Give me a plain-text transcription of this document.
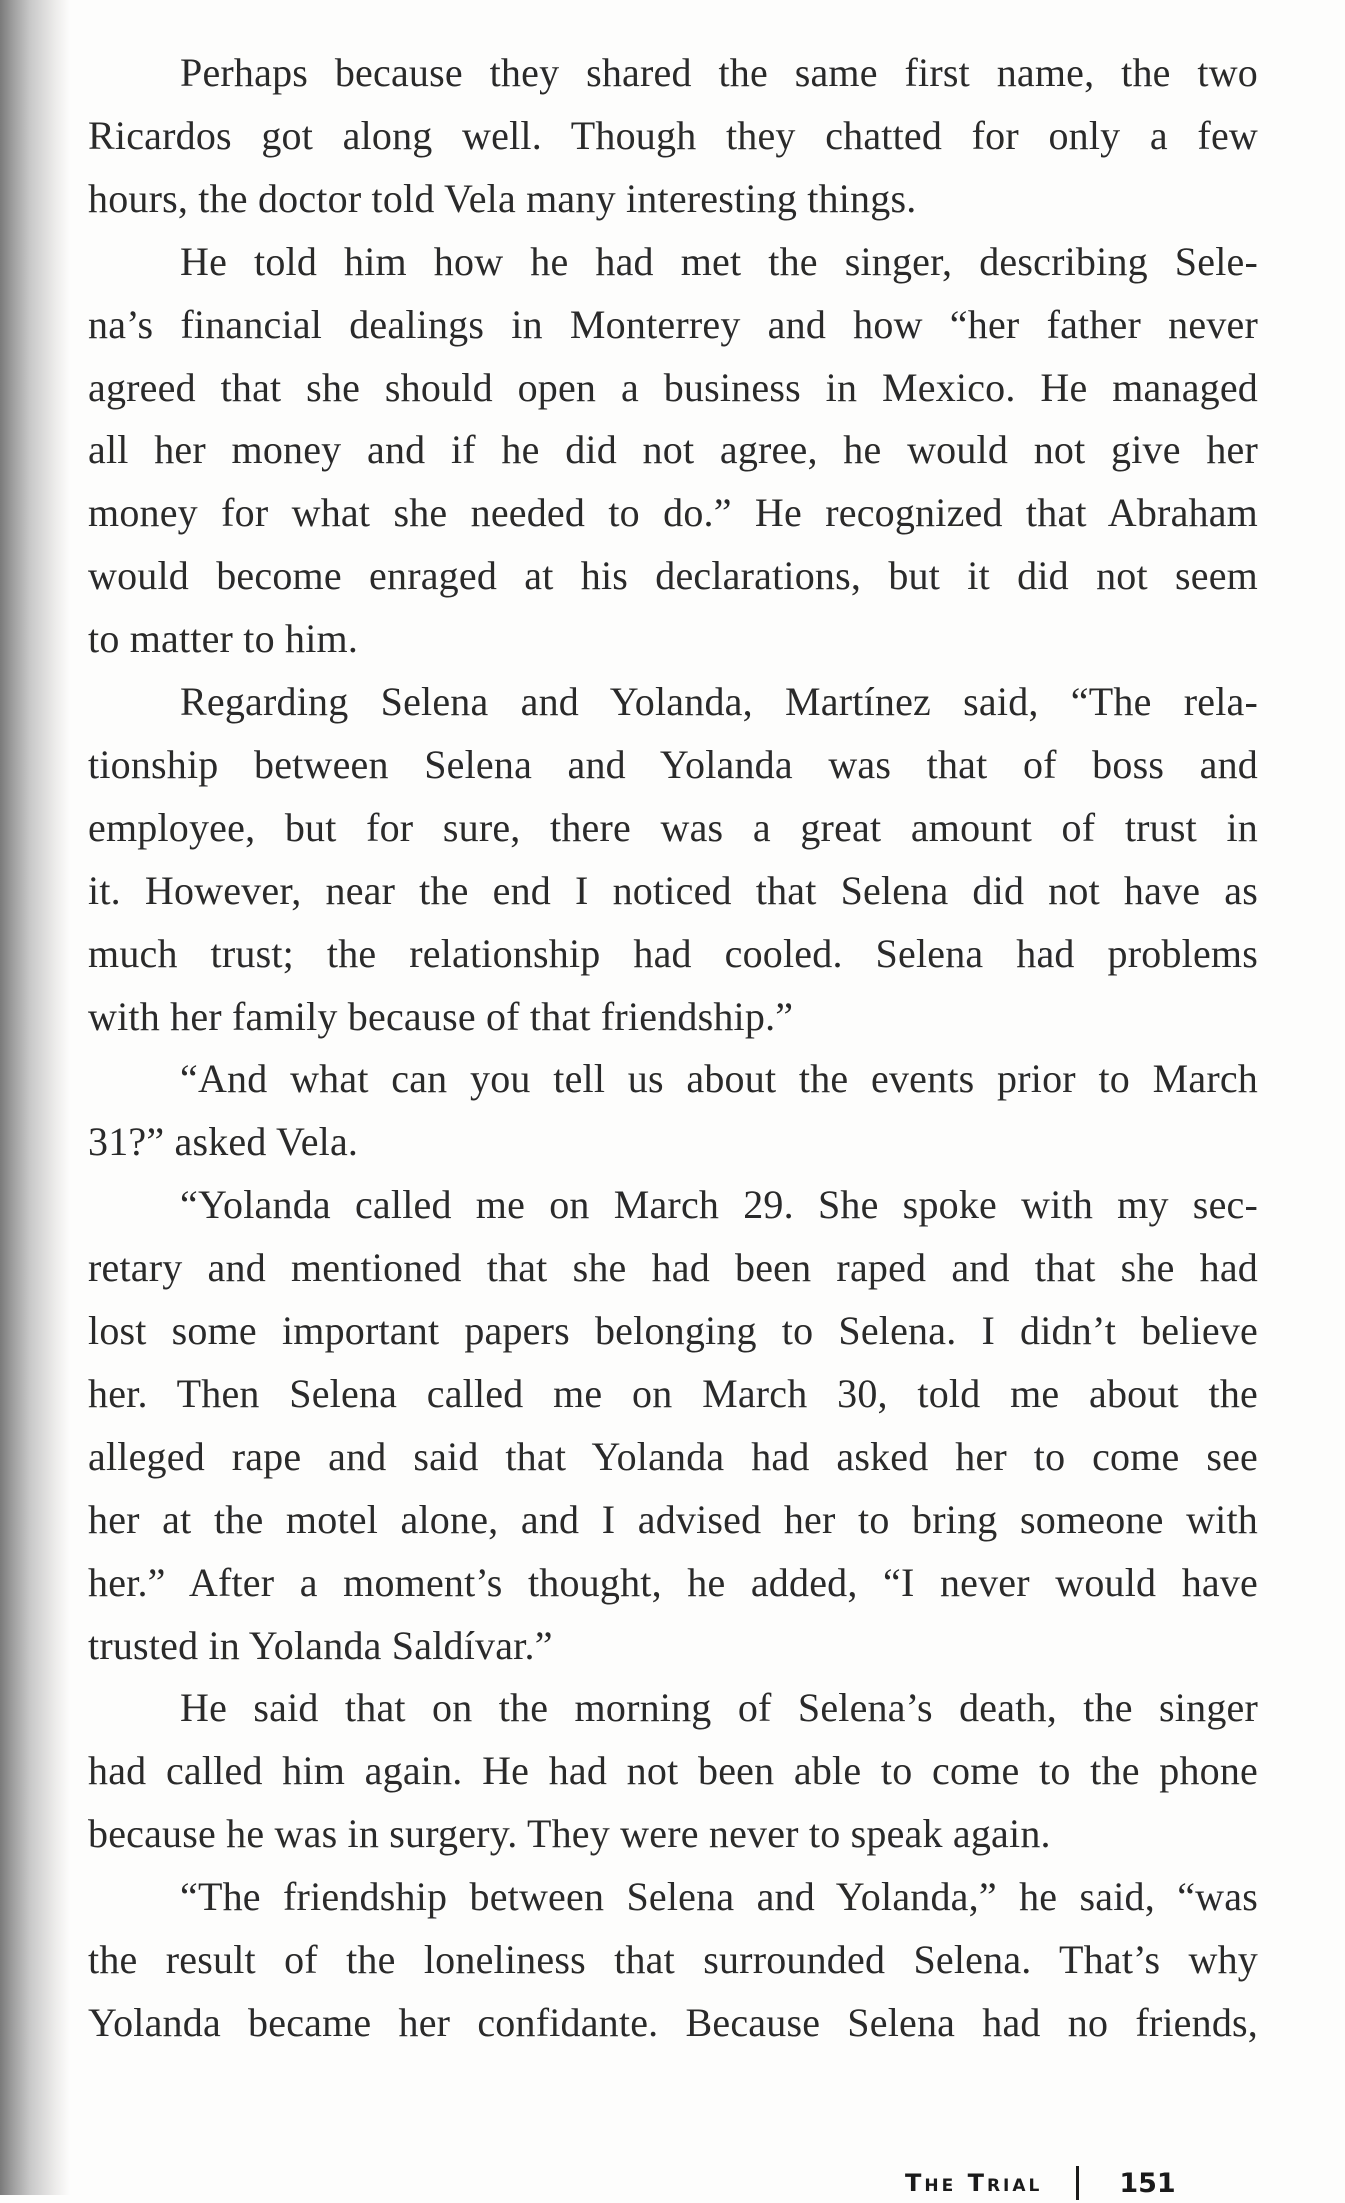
Perhaps because they shared the same first name, the two
Ricardos got along well. Though they chatted for only a few
hours, the doctor told Vela many interesting things.
He told him how he had met the singer, describing Sele-
na’s financial dealings in Monterrey and how “her father never
agreed that she should open a business in Mexico. He managed
all her money and if he did not agree, he would not give her
money for what she needed to do.” He recognized that Abraham
would become enraged at his declarations, but it did not seem
to matter to him.
Regarding Selena and Yolanda, Martínez said, “The rela-
tionship between Selena and Yolanda was that of boss and
employee, but for sure, there was a great amount of trust in
it. However, near the end I noticed that Selena did not have as
much trust; the relationship had cooled. Selena had problems
with her family because of that friendship.”
“And what can you tell us about the events prior to March
31?” asked Vela.
“Yolanda called me on March 29. She spoke with my sec-
retary and mentioned that she had been raped and that she had
lost some important papers belonging to Selena. I didn’t believe
her. Then Selena called me on March 30, told me about the
alleged rape and said that Yolanda had asked her to come see
her at the motel alone, and I advised her to bring someone with
her.” After a moment’s thought, he added, “I never would have
trusted in Yolanda Saldívar.”
He said that on the morning of Selena’s death, the singer
had called him again. He had not been able to come to the phone
because he was in surgery. They were never to speak again.
“The friendship between Selena and Yolanda,” he said, “was
the result of the loneliness that surrounded Selena. That’s why
Yolanda became her confidante. Because Selena had no friends,
The Trial	151
